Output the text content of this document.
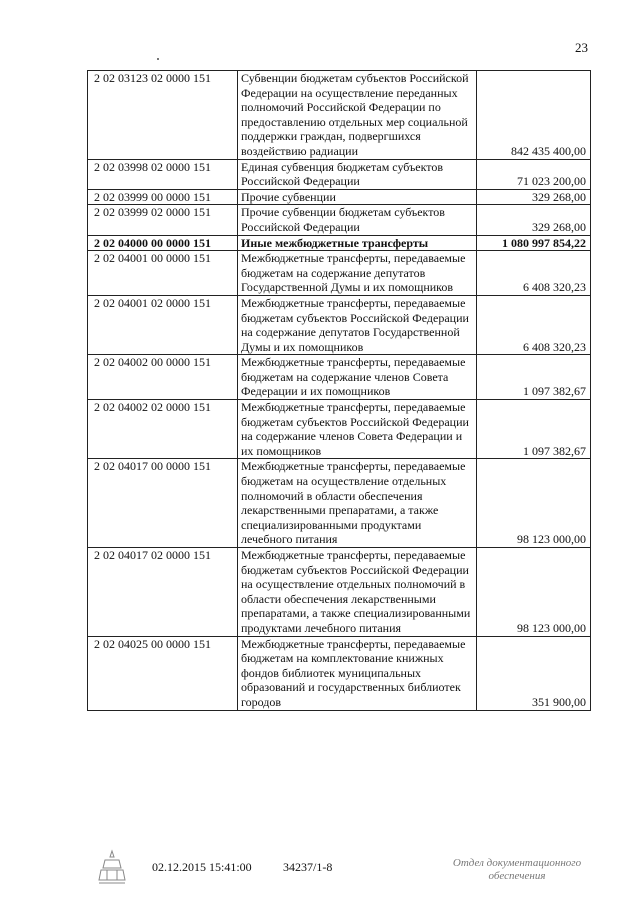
23
2 02 03123 02 0000 151	Субвенции бюджетам субъектов Российской Федерации на осуществление переданных полномочий Российской Федерации по предоставлению отдельных мер социальной поддержки граждан, подвергшихся воздействию радиации	842 435 400,00
2 02 03998 02 0000 151	Единая субвенция бюджетам субъектов Российской Федерации	71 023 200,00
2 02 03999 00 0000 151	Прочие субвенции	329 268,00
2 02 03999 02 0000 151	Прочие субвенции бюджетам субъектов Российской Федерации	329 268,00
2 02 04000 00 0000 151	Иные межбюджетные трансферты	1 080 997 854,22
2 02 04001 00 0000 151	Межбюджетные трансферты, передаваемые бюджетам на содержание депутатов Государственной Думы и их помощников	6 408 320,23
2 02 04001 02 0000 151	Межбюджетные трансферты, передаваемые бюджетам субъектов Российской Федерации на содержание депутатов Государственной Думы и их помощников	6 408 320,23
2 02 04002 00 0000 151	Межбюджетные трансферты, передаваемые бюджетам на содержание членов Совета Федерации и их помощников	1 097 382,67
2 02 04002 02 0000 151	Межбюджетные трансферты, передаваемые бюджетам субъектов Российской Федерации на содержание членов Совета Федерации и их помощников	1 097 382,67
2 02 04017 00 0000 151	Межбюджетные трансферты, передаваемые бюджетам на осуществление отдельных полномочий в области обеспечения лекарственными препаратами, а также специализированными продуктами лечебного питания	98 123 000,00
2 02 04017 02 0000 151	Межбюджетные трансферты, передаваемые бюджетам субъектов Российской Федерации на осуществление отдельных полномочий в области обеспечения лекарственными препаратами, а также специализированными продуктами лечебного питания	98 123 000,00
2 02 04025 00 0000 151	Межбюджетные трансферты, передаваемые бюджетам на комплектование книжных фондов библиотек муниципальных образований и государственных библиотек городов	351 900,00
02.12.2015 15:41:00	34237/1-8	Отдел документационного
обеспечения
